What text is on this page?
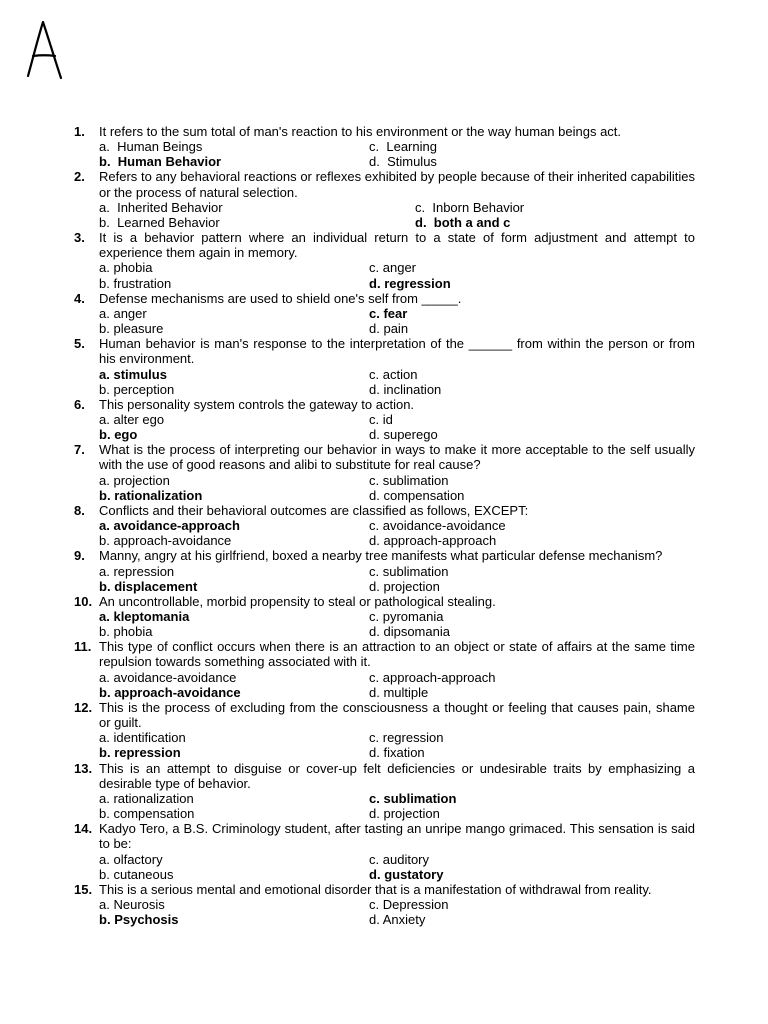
1.	It refers to the sum total of man's reaction to his environment or the way human beings act.
a. Human Beings	c. Learning
b. Human Behavior	d. Stimulus
2.	Refers to any behavioral reactions or reflexes exhibited by people because of their inherited capabilities or the process of natural selection.
a. Inherited Behavior	c. Inborn Behavior
b. Learned Behavior	d. both a and c
3.	It is a behavior pattern where an individual return to a state of form adjustment and attempt to experience them again in memory.
a. phobia	c. anger
b. frustration	d. regression
4.	Defense mechanisms are used to shield one's self from _____.
a. anger	c. fear
b. pleasure	d. pain
5.	Human behavior is man's response to the interpretation of the ______ from within the person or from his environment.
a. stimulus	c. action
b. perception	d. inclination
6.	This personality system controls the gateway to action.
a. alter ego	c. id
b. ego	d. superego
7.	What is the process of interpreting our behavior in ways to make it more acceptable to the self usually with the use of good reasons and alibi to substitute for real cause?
a. projection	c. sublimation
b. rationalization	d. compensation
8.	Conflicts and their behavioral outcomes are classified as follows, EXCEPT:
a. avoidance-approach	c. avoidance-avoidance
b. approach-avoidance	d. approach-approach
9.	Manny, angry at his girlfriend, boxed a nearby tree manifests what particular defense mechanism?
a. repression	c. sublimation
b. displacement	d. projection
10. An uncontrollable, morbid propensity to steal or pathological stealing.
a. kleptomania	c. pyromania
b. phobia	d. dipsomania
11. This type of conflict occurs when there is an attraction to an object or state of affairs at the same time repulsion towards something associated with it.
a. avoidance-avoidance	c. approach-approach
b. approach-avoidance	d. multiple
12. This is the process of excluding from the consciousness a thought or feeling that causes pain, shame or guilt.
a. identification	c. regression
b. repression	d. fixation
13. This is an attempt to disguise or cover-up felt deficiencies or undesirable traits by emphasizing a desirable type of behavior.
a. rationalization	c. sublimation
b. compensation	d. projection
14. Kadyo Tero, a B.S. Criminology student, after tasting an unripe mango grimaced. This sensation is said to be:
a. olfactory	c. auditory
b. cutaneous	d. gustatory
15. This is a serious mental and emotional disorder that is a manifestation of withdrawal from reality.
a. Neurosis	c. Depression
b. Psychosis	d. Anxiety
